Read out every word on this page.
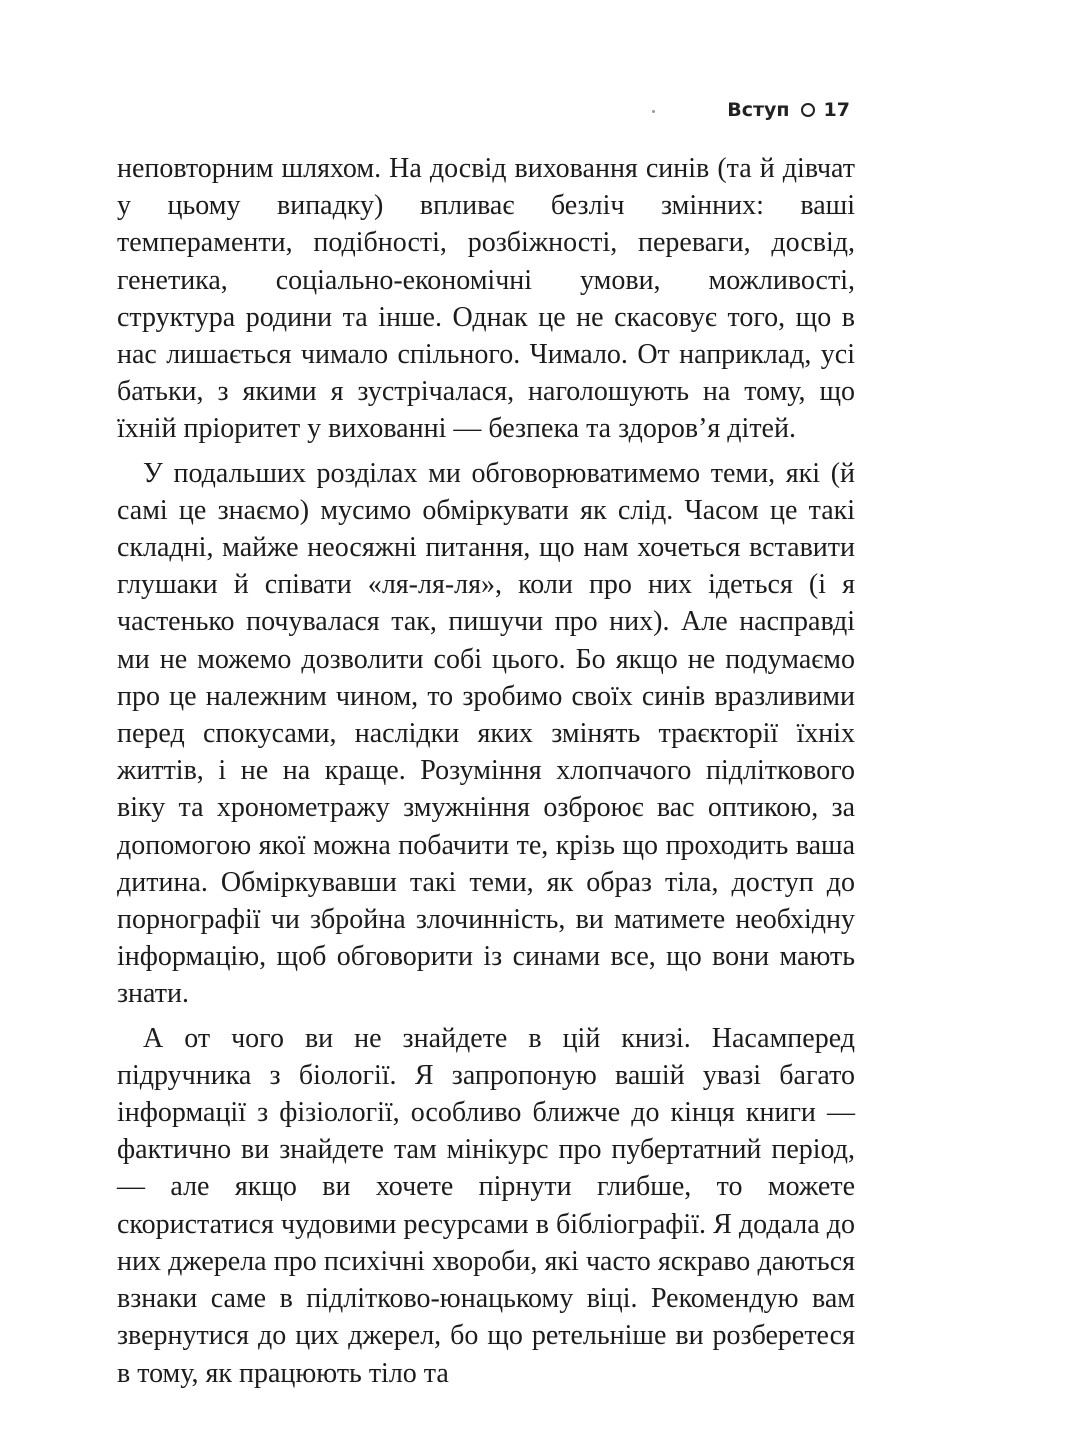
Вступ 17

неповторним шляхом. На досвід виховання синів (та й дівчат у цьому випадку) впливає безліч змінних: ваші темпераменти, подібності, розбіжності, переваги, досвід, генетика, соціально-економічні умови, можливості, структура родини та інше. Однак це не скасовує того, що в нас лишається чимало спільного. Чимало. От наприклад, усі батьки, з якими я зустрічалася, наголошують на тому, що їхній пріоритет у вихованні — безпека та здоров’я дітей.

У подальших розділах ми обговорюватимемо теми, які (й самі це знаємо) мусимо обміркувати як слід. Часом це такі складні, майже неосяжні питання, що нам хочеться вставити глушаки й співати «ля-ля-ля», коли про них ідеться (і я частенько почувалася так, пишучи про них). Але насправді ми не можемо дозволити собі цього. Бо якщо не подумаємо про це належним чином, то зробимо своїх синів вразливими перед спокусами, наслідки яких змінять траєкторії їхніх життів, і не на краще. Розуміння хлопчачого підліткового віку та хронометражу змужніння озброює вас оптикою, за допомогою якої можна побачити те, крізь що проходить ваша дитина. Обміркувавши такі теми, як образ тіла, доступ до порнографії чи збройна злочинність, ви матимете необхідну інформацію, щоб обговорити із синами все, що вони мають знати.

А от чого ви не знайдете в цій книзі. Насамперед підручника з біології. Я запропоную вашій увазі багато інформації з фізіології, особливо ближче до кінця книги — фактично ви знайдете там мінікурс про пубертатний період, — але якщо ви хочете пірнути глибше, то можете скористатися чудовими ресурсами в бібліографії. Я додала до них джерела про психічні хвороби, які часто яскраво даються взнаки саме в підлітково-юнацькому віці. Рекомендую вам звернутися до цих джерел, бо що ретельніше ви розберетеся в тому, як працюють тіло та
